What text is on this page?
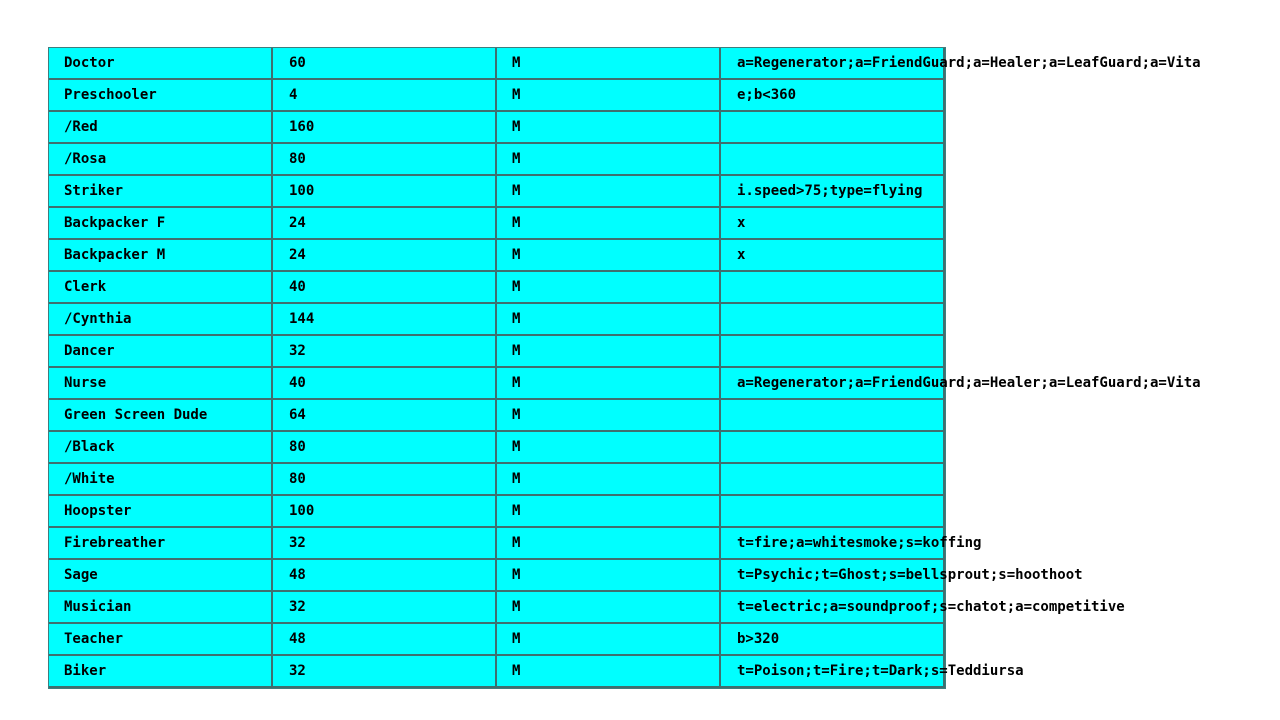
Doctor	60	M	a=Regenerator;a=FriendGuard;a=Healer;a=LeafGuard;a=Vita
Preschooler	4	M	e;b<360
/Red	160	M
/Rosa	80	M
Striker	100	M	i.speed>75;type=flying
Backpacker F	24	M	x
Backpacker M	24	M	x
Clerk	40	M
/Cynthia	144	M
Dancer	32	M
Nurse	40	M	a=Regenerator;a=FriendGuard;a=Healer;a=LeafGuard;a=Vita
Green Screen Dude	64	M
/Black	80	M
/White	80	M
Hoopster	100	M
Firebreather	32	M	t=fire;a=whitesmoke;s=koffing
Sage	48	M	t=Psychic;t=Ghost;s=bellsprout;s=hoothoot
Musician	32	M	t=electric;a=soundproof;s=chatot;a=competitive
Teacher	48	M	b>320
Biker	32	M	t=Poison;t=Fire;t=Dark;s=Teddiursa
